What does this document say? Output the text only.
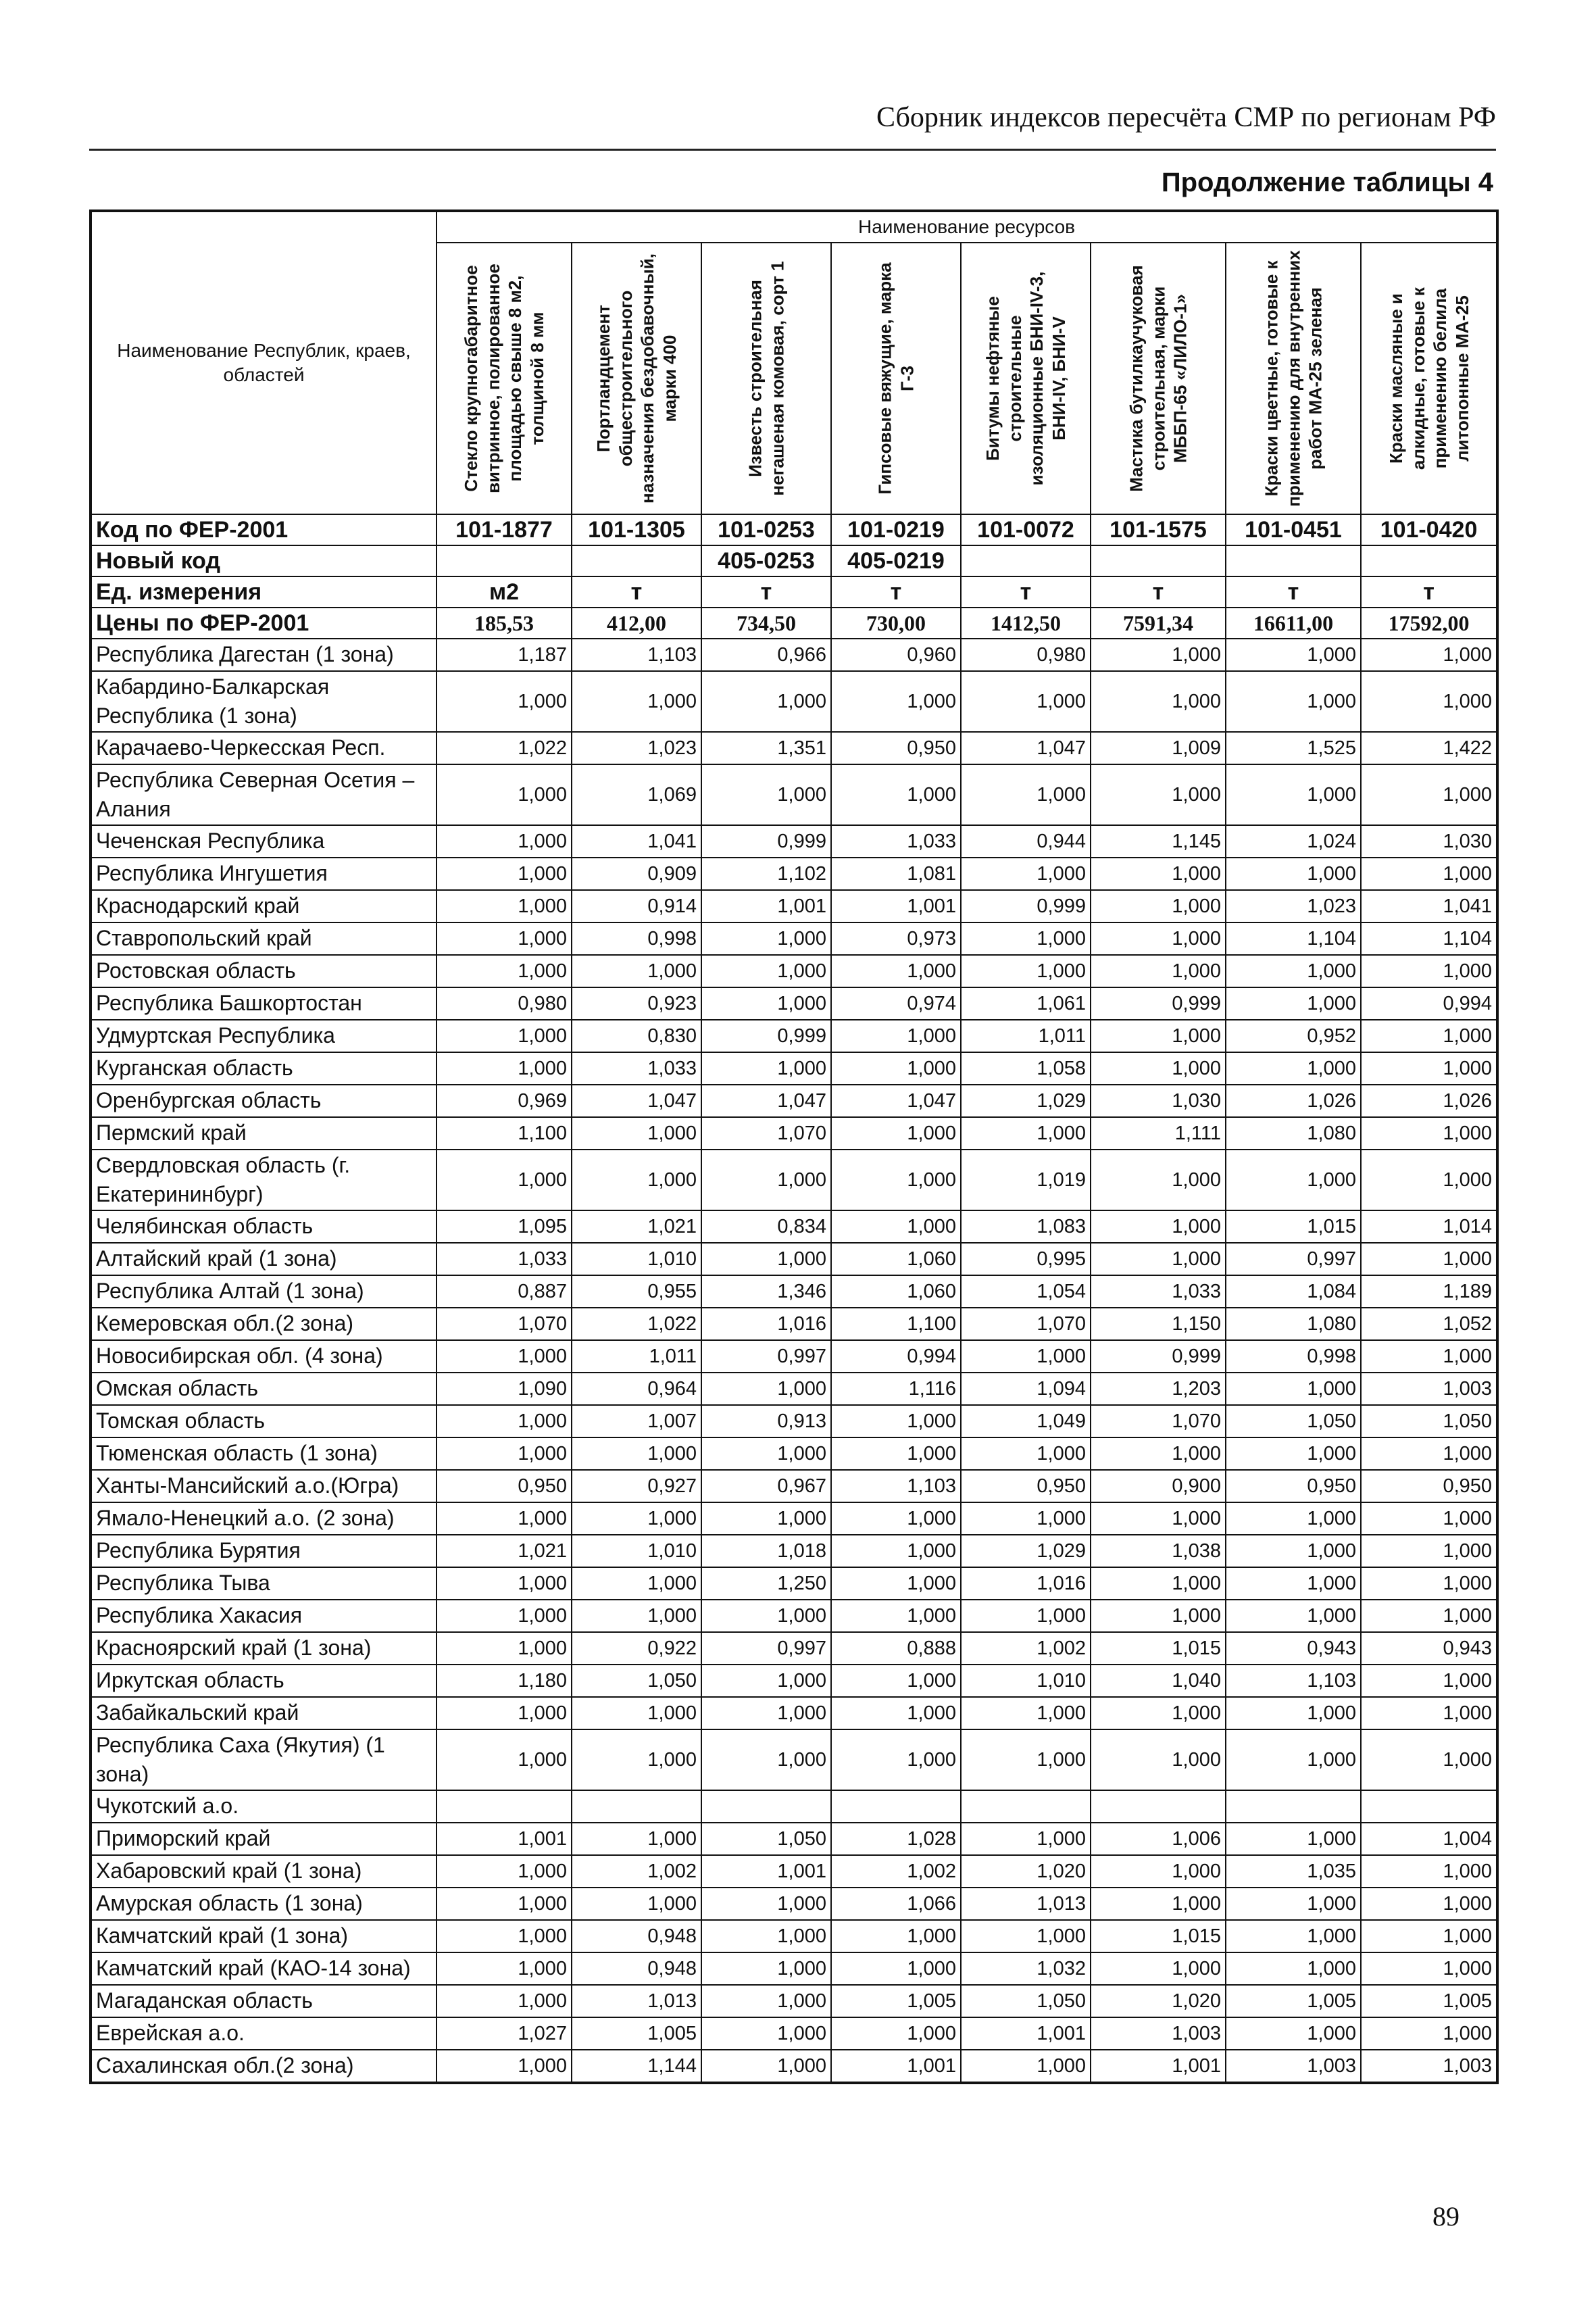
Сборник индексов пересчёта СМР по регионам РФ
Продолжение таблицы 4
Наименование Республик, краев, областей	Наименование ресурсов							

	Стекло крупногабаритное витринное, полированное площадью свыше 8 м2, толщиной 8 мм	Портландцемент общестроительного назначения бездобавочный, марки 400	Известь строительная негашеная комовая, сорт 1	Гипсовые вяжущие, марка Г-3	Битумы нефтяные строительные изоляционные БНИ-IV-3, БНИ-IV, БНИ-V	Мастика бутилкаучуковая строительная, марки МББП-65 «ЛИЛО-1»	Краски цветные, готовые к применению для внутренних работ МА-25 зеленая	Краски масляные и алкидные, готовые к применению белила литопонные МА-25

Код по ФЕР-2001	101-1877	101-1305	101-0253	101-0219	101-0072	101-1575	101-0451	101-0420
Новый код			405-0253	405-0219				
Ед. измерения	м2	т	т	т	т	т	т	т
Цены по ФЕР-2001	185,53	412,00	734,50	730,00	1412,50	7591,34	16611,00	17592,00
Республика Дагестан (1 зона)	1,187	1,103	0,966	0,960	0,980	1,000	1,000	1,000
Кабардино-Балкарская Республика (1 зона)	1,000	1,000	1,000	1,000	1,000	1,000	1,000	1,000
Карачаево-Черкесская Респ.	1,022	1,023	1,351	0,950	1,047	1,009	1,525	1,422
Республика Северная Осетия – Алания	1,000	1,069	1,000	1,000	1,000	1,000	1,000	1,000
Чеченская Республика	1,000	1,041	0,999	1,033	0,944	1,145	1,024	1,030
Республика Ингушетия	1,000	0,909	1,102	1,081	1,000	1,000	1,000	1,000
Краснодарский край	1,000	0,914	1,001	1,001	0,999	1,000	1,023	1,041
Ставропольский край	1,000	0,998	1,000	0,973	1,000	1,000	1,104	1,104
Ростовская область	1,000	1,000	1,000	1,000	1,000	1,000	1,000	1,000
Республика Башкортостан	0,980	0,923	1,000	0,974	1,061	0,999	1,000	0,994
Удмуртская Республика	1,000	0,830	0,999	1,000	1,011	1,000	0,952	1,000
Курганская область	1,000	1,033	1,000	1,000	1,058	1,000	1,000	1,000
Оренбургская область	0,969	1,047	1,047	1,047	1,029	1,030	1,026	1,026
Пермский край	1,100	1,000	1,070	1,000	1,000	1,111	1,080	1,000
Свердловская область (г. Екатерининбург)	1,000	1,000	1,000	1,000	1,019	1,000	1,000	1,000
Челябинская область	1,095	1,021	0,834	1,000	1,083	1,000	1,015	1,014
Алтайский край (1 зона)	1,033	1,010	1,000	1,060	0,995	1,000	0,997	1,000
Республика Алтай (1 зона)	0,887	0,955	1,346	1,060	1,054	1,033	1,084	1,189
Кемеровская обл.(2 зона)	1,070	1,022	1,016	1,100	1,070	1,150	1,080	1,052
Новосибирская обл. (4 зона)	1,000	1,011	0,997	0,994	1,000	0,999	0,998	1,000
Омская область	1,090	0,964	1,000	1,116	1,094	1,203	1,000	1,003
Томская область	1,000	1,007	0,913	1,000	1,049	1,070	1,050	1,050
Тюменская область (1 зона)	1,000	1,000	1,000	1,000	1,000	1,000	1,000	1,000
Ханты-Мансийский а.о.(Югра)	0,950	0,927	0,967	1,103	0,950	0,900	0,950	0,950
Ямало-Ненецкий а.о. (2 зона)	1,000	1,000	1,000	1,000	1,000	1,000	1,000	1,000
Республика Бурятия	1,021	1,010	1,018	1,000	1,029	1,038	1,000	1,000
Республика Тыва	1,000	1,000	1,250	1,000	1,016	1,000	1,000	1,000
Республика Хакасия	1,000	1,000	1,000	1,000	1,000	1,000	1,000	1,000
Красноярский край (1 зона)	1,000	0,922	0,997	0,888	1,002	1,015	0,943	0,943
Иркутская область	1,180	1,050	1,000	1,000	1,010	1,040	1,103	1,000
Забайкальский край	1,000	1,000	1,000	1,000	1,000	1,000	1,000	1,000
Республика Саха (Якутия) (1 зона)	1,000	1,000	1,000	1,000	1,000	1,000	1,000	1,000
Чукотский а.о.								
Приморский край	1,001	1,000	1,050	1,028	1,000	1,006	1,000	1,004
Хабаровский край (1 зона)	1,000	1,002	1,001	1,002	1,020	1,000	1,035	1,000
Амурская область (1 зона)	1,000	1,000	1,000	1,066	1,013	1,000	1,000	1,000
Камчатский край (1 зона)	1,000	0,948	1,000	1,000	1,000	1,015	1,000	1,000
Камчатский край (КАО-14 зона)	1,000	0,948	1,000	1,000	1,032	1,000	1,000	1,000
Магаданская область	1,000	1,013	1,000	1,005	1,050	1,020	1,005	1,005
Еврейская а.о.	1,027	1,005	1,000	1,000	1,001	1,003	1,000	1,000
Сахалинская обл.(2 зона)	1,000	1,144	1,000	1,001	1,000	1,001	1,003	1,003
89
